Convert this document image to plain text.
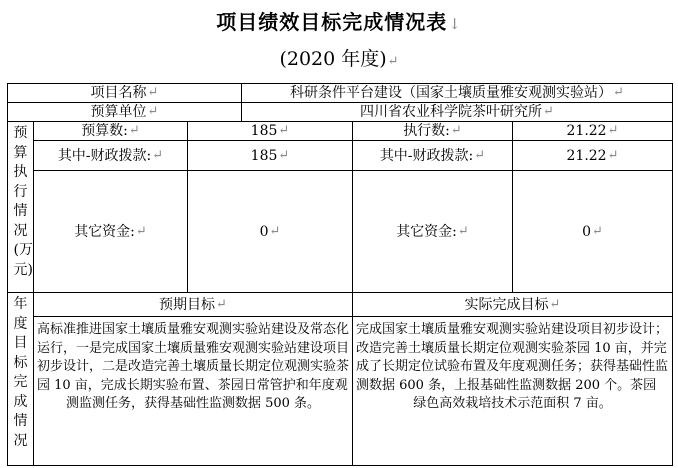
项目绩效目标完成情况表↓
(2020 年度)↵
项目名称 ↵	科研条件平台建设（国家土壤质量雅安观测实验站） ↵
预算单位 ↵	四川省农业科学院茶叶研究所 ↵
预算执行情况(万元)
预算数: ↵	185 ↵	执行数: ↵	21.22 ↵
其中-财政拨款: ↵	185 ↵	其中-财政拨款: ↵	21.22 ↵
其它资金: ↵	0 ↵	其它资金: ↵	0 ↵
年度目标完成情况
预期目标 ↵	实际完成目标 ↵
高标准推进国家土壤质量雅安观测实验站建设及常态化运行，一是完成国家土壤质量雅安观测实验站建设项目初步设计，二是改造完善土壤质量长期定位观测实验茶园 10 亩，完成长期实验布置、茶园日常管护和年度观测监测任务，获得基础性监测数据 500 条。
完成国家土壤质量雅安观测实验站建设项目初步设计；改造完善土壤质量长期定位观测实验茶园 10 亩，并完成了长期定位试验布置及年度观测任务；获得基础性监测数据 600 条，上报基础性监测数据 200 个。茶园绿色高效栽培技术示范面积 7 亩。
